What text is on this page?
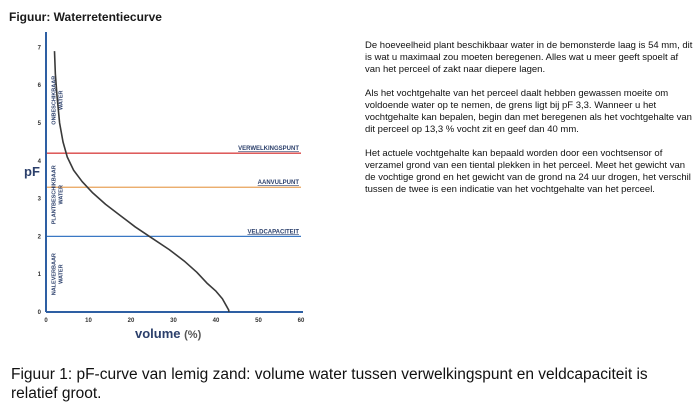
Figuur: Waterretentiecurve
VERWELKINGSPUNT
AANVULPUNT
VELDCAPACITEIT
ONBESCHIKBAAR WATER
PLANTBESCHIKBAAR WATER
NALEVERBAAR WATER
0
1
2
3
4
5
6
7
0	10	20	30	40	50	60
pF
volume (%)

De hoeveelheid plant beschikbaar water in de bemonsterde laag is 54 mm, dit is wat u maximaal zou moeten beregenen. Alles wat u meer geeft spoelt af van het perceel of zakt naar diepere lagen.

Als het vochtgehalte van het perceel daalt hebben gewassen moeite om voldoende water op te nemen, de grens ligt bij pF 3,3. Wanneer u het vochtgehalte kan bepalen, begin dan met beregenen als het vochtgehalte van dit perceel op 13,3 % vocht zit en geef dan 40 mm.

Het actuele vochtgehalte kan bepaald worden door een vochtsensor of verzamel grond van een tiental plekken in het perceel. Meet het gewicht van de vochtige grond en het gewicht van de grond na 24 uur drogen, het verschil tussen de twee is een indicatie van het vochtgehalte van het perceel.

Figuur 1: pF-curve van lemig zand: volume water tussen verwelkingspunt en veldcapaciteit is relatief groot.
